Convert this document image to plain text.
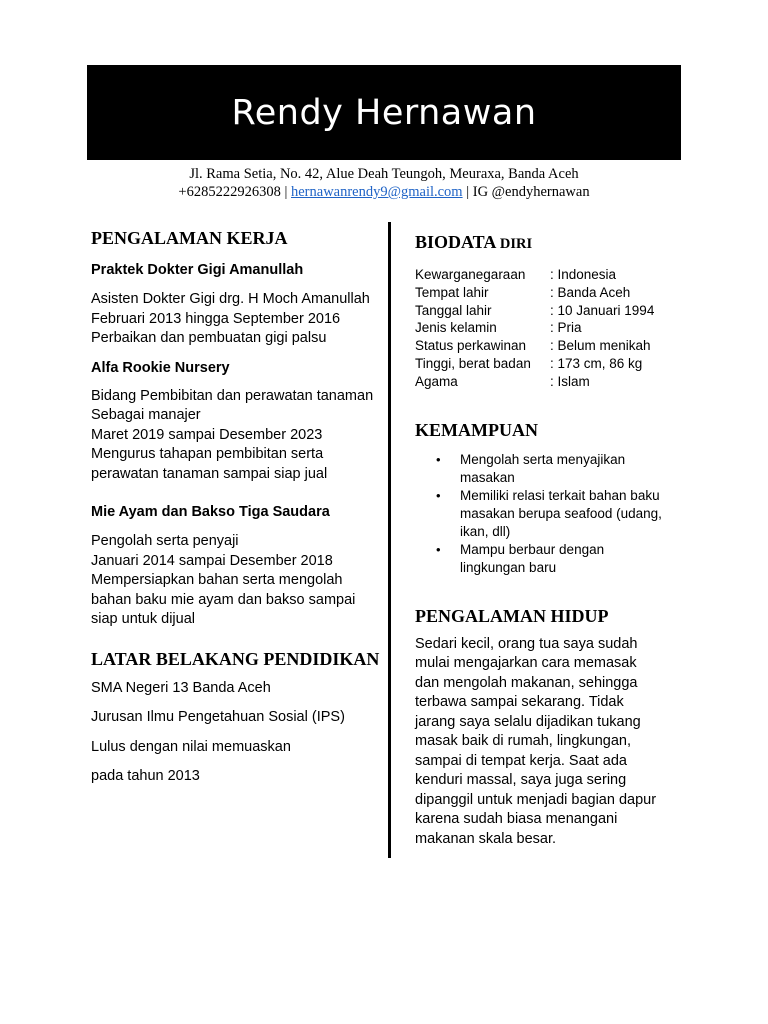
Rendy Hernawan
Jl. Rama Setia, No. 42, Alue Deah Teungoh, Meuraxa, Banda Aceh
+6285222926308 | hernawanrendy9@gmail.com | IG @endyhernawan
PENGALAMAN KERJA
Praktek Dokter Gigi Amanullah
Asisten Dokter Gigi drg. H Moch Amanullah
Februari 2013 hingga September 2016
Perbaikan dan pembuatan gigi palsu
Alfa Rookie Nursery
Bidang Pembibitan dan perawatan tanaman
Sebagai manajer
Maret 2019 sampai Desember 2023
Mengurus tahapan pembibitan serta
perawatan tanaman sampai siap jual
Mie Ayam dan Bakso Tiga Saudara
Pengolah serta penyaji
Januari 2014 sampai Desember 2018
Mempersiapkan bahan serta mengolah
bahan baku mie ayam dan bakso sampai
siap untuk dijual
LATAR BELAKANG PENDIDIKAN
SMA Negeri 13 Banda Aceh
Jurusan Ilmu Pengetahuan Sosial (IPS)
Lulus dengan nilai memuaskan
pada tahun 2013
BIODATA DIRI
Kewarganegaraan	: Indonesia
Tempat lahir	: Banda Aceh
Tanggal lahir	: 10 Januari 1994
Jenis kelamin	: Pria
Status perkawinan	: Belum menikah
Tinggi, berat badan	: 173 cm, 86 kg
Agama	: Islam
KEMAMPUAN
• Mengolah serta menyajikan
masakan
• Memiliki relasi terkait bahan baku
masakan berupa seafood (udang,
ikan, dll)
• Mampu berbaur dengan
lingkungan baru
PENGALAMAN HIDUP
Sedari kecil, orang tua saya sudah
mulai mengajarkan cara memasak
dan mengolah makanan, sehingga
terbawa sampai sekarang. Tidak
jarang saya selalu dijadikan tukang
masak baik di rumah, lingkungan,
sampai di tempat kerja. Saat ada
kenduri massal, saya juga sering
dipanggil untuk menjadi bagian dapur
karena sudah biasa menangani
makanan skala besar.
